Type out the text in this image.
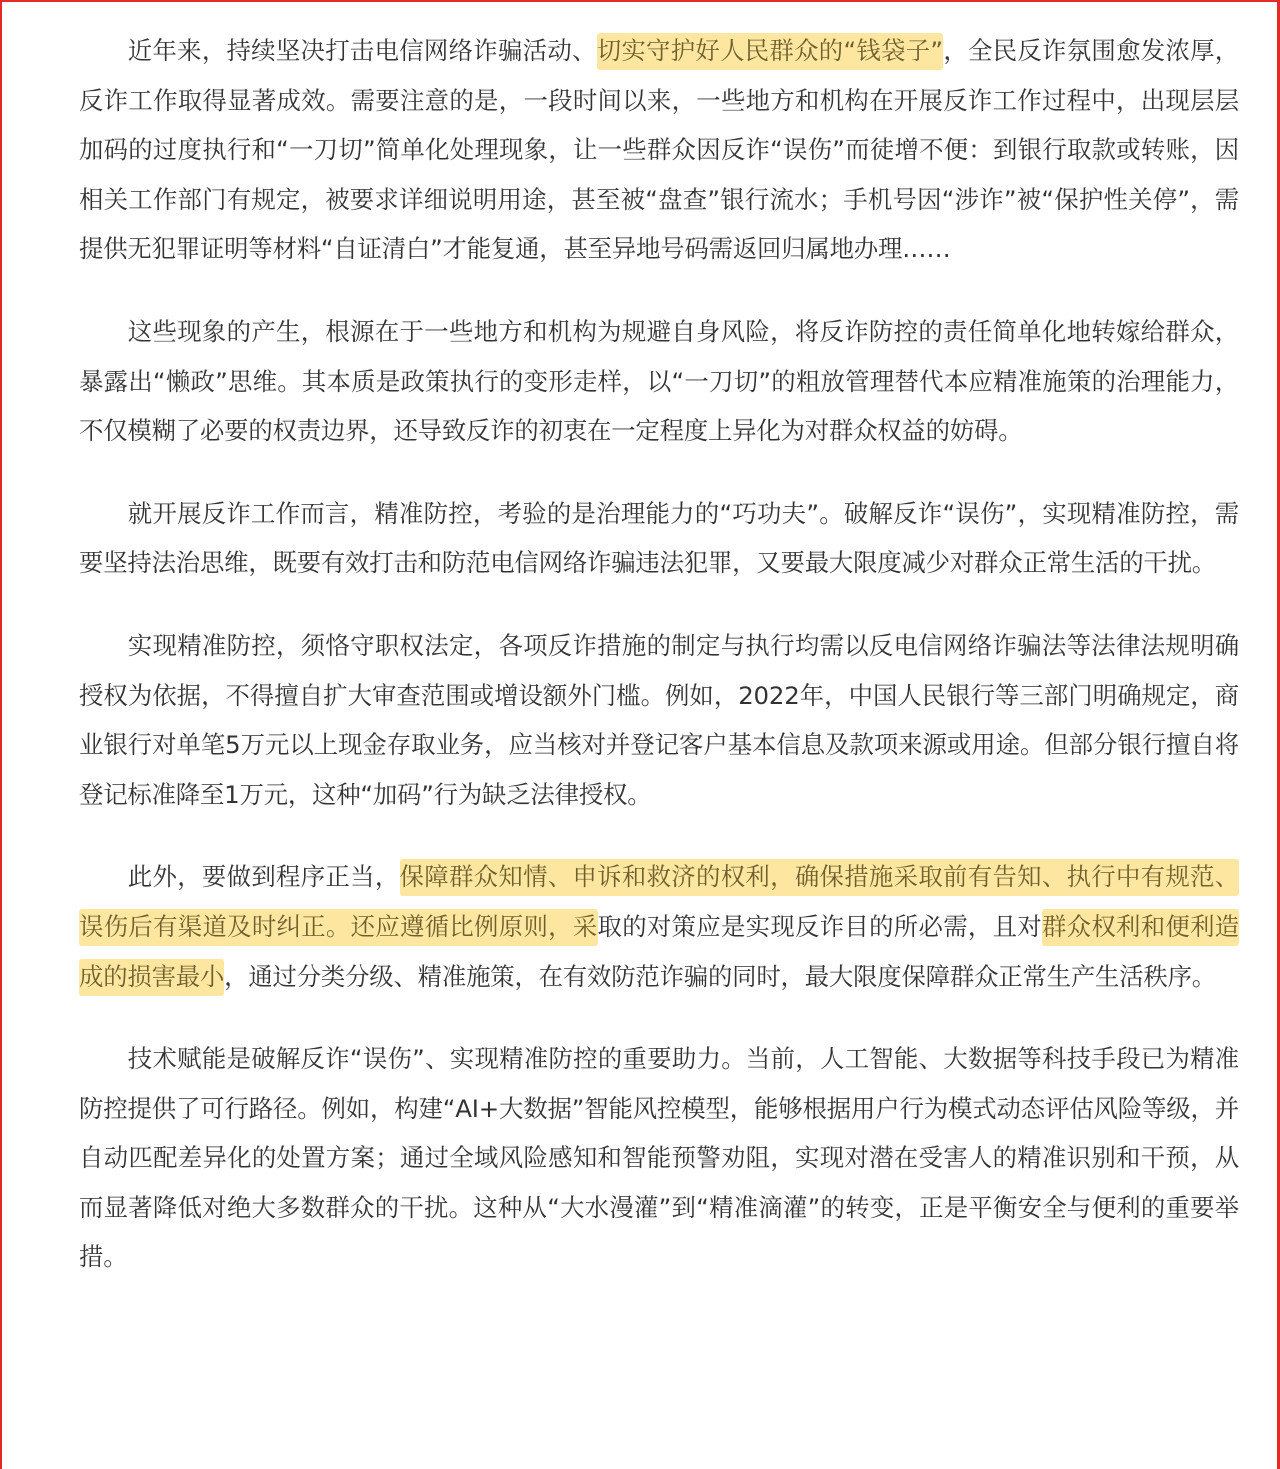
近年来，持续坚决打击电信网络诈骗活动、切实守护好人民群众的“钱袋子”，全民反诈氛围愈发浓厚，反诈工作取得显著成效。需要注意的是，一段时间以来，一些地方和机构在开展反诈工作过程中，出现层层加码的过度执行和“一刀切”简单化处理现象，让一些群众因反诈“误伤”而徒增不便：到银行取款或转账，因相关工作部门有规定，被要求详细说明用途，甚至被“盘查”银行流水；手机号因“涉诈”被“保护性关停”，需提供无犯罪证明等材料“自证清白”才能复通，甚至异地号码需返回归属地办理……

这些现象的产生，根源在于一些地方和机构为规避自身风险，将反诈防控的责任简单化地转嫁给群众，暴露出“懒政”思维。其本质是政策执行的变形走样，以“一刀切”的粗放管理替代本应精准施策的治理能力，不仅模糊了必要的权责边界，还导致反诈的初衷在一定程度上异化为对群众权益的妨碍。

就开展反诈工作而言，精准防控，考验的是治理能力的“巧功夫”。破解反诈“误伤”，实现精准防控，需要坚持法治思维，既要有效打击和防范电信网络诈骗违法犯罪，又要最大限度减少对群众正常生活的干扰。

实现精准防控，须恪守职权法定，各项反诈措施的制定与执行均需以反电信网络诈骗法等法律法规明确授权为依据，不得擅自扩大审查范围或增设额外门槛。例如，2022年，中国人民银行等三部门明确规定，商业银行对单笔5万元以上现金存取业务，应当核对并登记客户基本信息及款项来源或用途。但部分银行擅自将登记标准降至1万元，这种“加码”行为缺乏法律授权。

此外，要做到程序正当，保障群众知情、申诉和救济的权利，确保措施采取前有告知、执行中有规范、误伤后有渠道及时纠正。还应遵循比例原则，采取的对策应是实现反诈目的所必需，且对群众权利和便利造成的损害最小，通过分类分级、精准施策，在有效防范诈骗的同时，最大限度保障群众正常生产生活秩序。

技术赋能是破解反诈“误伤”、实现精准防控的重要助力。当前，人工智能、大数据等科技手段已为精准防控提供了可行路径。例如，构建“AI+大数据”智能风控模型，能够根据用户行为模式动态评估风险等级，并自动匹配差异化的处置方案；通过全域风险感知和智能预警劝阻，实现对潜在受害人的精准识别和干预，从而显著降低对绝大多数群众的干扰。这种从“大水漫灌”到“精准滴灌”的转变，正是平衡安全与便利的重要举措。
